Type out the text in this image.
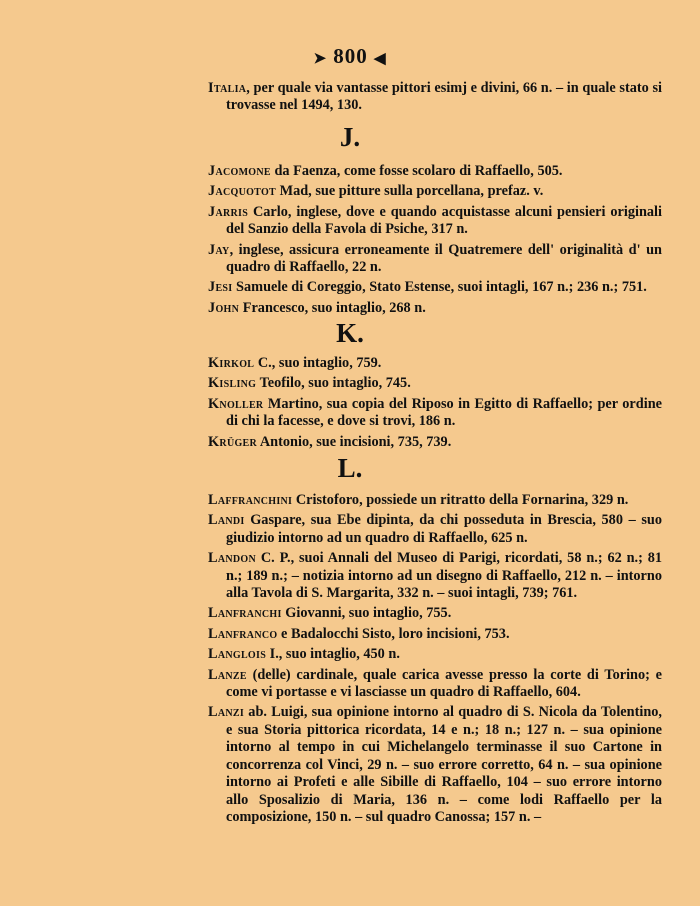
➤ 800 ◀

Italia, per quale via vantasse pittori esimj e divini, 66 n. – in quale stato si trovasse nel 1494, 130.

J.

Jacomone da Faenza, come fosse scolaro di Raffaello, 505.

Jacquotot Mad, sue pitture sulla porcellana, prefaz. v.

Jarris Carlo, inglese, dove e quando acquistasse alcuni pensieri originali del Sanzio della Favola di Psiche, 317 n.

Jay, inglese, assicura erroneamente il Quatremere dell' originalità d' un quadro di Raffaello, 22 n.

Jesi Samuele di Coreggio, Stato Estense, suoi intagli, 167 n.; 236 n.; 751.

John Francesco, suo intaglio, 268 n.

K.

Kirkol C., suo intaglio, 759.

Kisling Teofilo, suo intaglio, 745.

Knoller Martino, sua copia del Riposo in Egitto di Raffaello; per ordine di chi la facesse, e dove si trovi, 186 n.

Krüger Antonio, sue incisioni, 735, 739.

L.

Laffranchini Cristoforo, possiede un ritratto della Fornarina, 329 n.

Landi Gaspare, sua Ebe dipinta, da chi posseduta in Brescia, 580 – suo giudizio intorno ad un quadro di Raffaello, 625 n.

Landon C. P., suoi Annali del Museo di Parigi, ricordati, 58 n.; 62 n.; 81 n.; 189 n.; – notizia intorno ad un disegno di Raffaello, 212 n. – intorno alla Tavola di S. Margarita, 332 n. – suoi intagli, 739; 761.

Lanfranchi Giovanni, suo intaglio, 755.

Lanfranco e Badalocchi Sisto, loro incisioni, 753.

Langlois I., suo intaglio, 450 n.

Lanze (delle) cardinale, quale carica avesse presso la corte di Torino; e come vi portasse e vi lasciasse un quadro di Raffaello, 604.

Lanzi ab. Luigi, sua opinione intorno al quadro di S. Nicola da Tolentino, e sua Storia pittorica ricordata, 14 e n.; 18 n.; 127 n. – sua opinione intorno al tempo in cui Michelangelo terminasse il suo Cartone in concorrenza col Vinci, 29 n. – suo errore corretto, 64 n. – sua opinione intorno ai Profeti e alle Sibille di Raffaello, 104 – suo errore intorno allo Sposalizio di Maria, 136 n. – come lodi Raffaello per la composizione, 150 n. – sul quadro Canossa; 157 n. –
